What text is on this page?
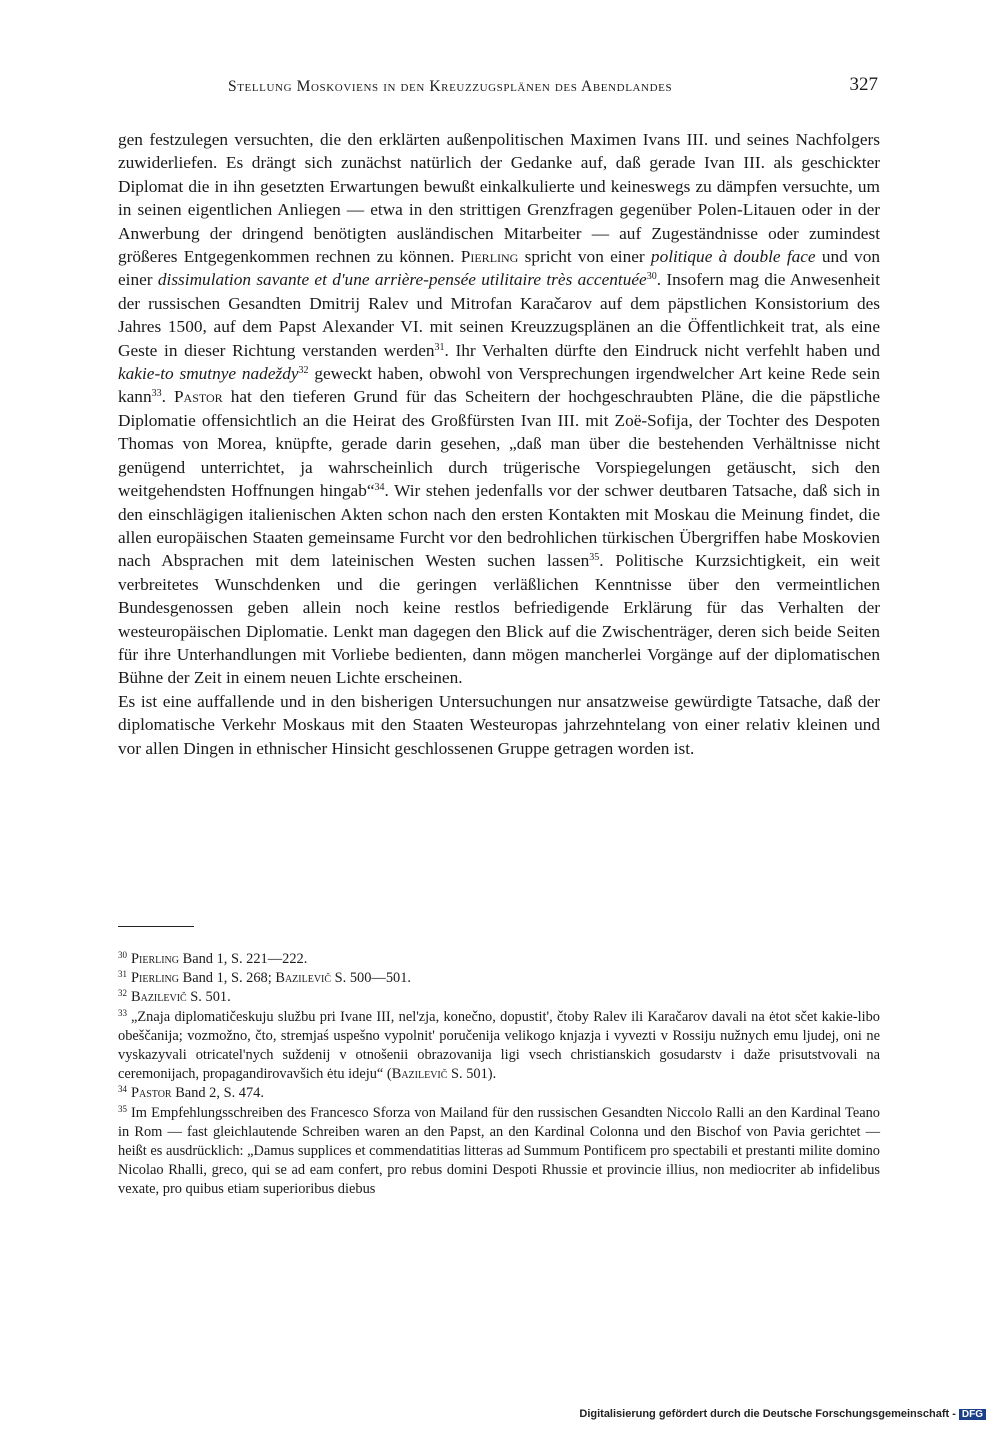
Stellung Moskoviens in den Kreuzzugsplänen des Abendlandes	327

gen festzulegen versuchten, die den erklärten außenpolitischen Maximen Ivans III. und seines Nachfolgers zuwiderliefen. Es drängt sich zunächst natürlich der Gedanke auf, daß gerade Ivan III. als geschickter Diplomat die in ihn gesetzten Erwartungen bewußt einkalkulierte und keineswegs zu dämpfen versuchte, um in seinen eigentlichen Anliegen — etwa in den strittigen Grenzfragen gegenüber Polen-Litauen oder in der Anwerbung der dringend benötigten ausländischen Mitarbeiter — auf Zugeständnisse oder zumindest größeres Entgegenkommen rechnen zu können. Pierling spricht von einer politique à double face und von einer dissimulation savante et d'une arrière-pensée utilitaire très accentuée$^{30}$. Insofern mag die Anwesenheit der russischen Gesandten Dmitrij Ralev und Mitrofan Karačarov auf dem päpstlichen Konsistorium des Jahres 1500, auf dem Papst Alexander VI. mit seinen Kreuzzugsplänen an die Öffentlichkeit trat, als eine Geste in dieser Richtung verstanden werden$^{31}$. Ihr Verhalten dürfte den Eindruck nicht verfehlt haben und kakie-to smutnye nadeždy$^{32}$ geweckt haben, obwohl von Versprechungen irgendwelcher Art keine Rede sein kann$^{33}$. Pastor hat den tieferen Grund für das Scheitern der hochgeschraubten Pläne, die die päpstliche Diplomatie offensichtlich an die Heirat des Großfürsten Ivan III. mit Zoë-Sofija, der Tochter des Despoten Thomas von Morea, knüpfte, gerade darin gesehen, „daß man über die bestehenden Verhältnisse nicht genügend unterrichtet, ja wahrscheinlich durch trügerische Vorspiegelungen getäuscht, sich den weitgehendsten Hoffnungen hingab“$^{34}$. Wir stehen jedenfalls vor der schwer deutbaren Tatsache, daß sich in den einschlägigen italienischen Akten schon nach den ersten Kontakten mit Moskau die Meinung findet, die allen europäischen Staaten gemeinsame Furcht vor den bedrohlichen türkischen Übergriffen habe Moskovien nach Absprachen mit dem lateinischen Westen suchen lassen$^{35}$. Politische Kurzsichtigkeit, ein weit verbreitetes Wunschdenken und die geringen verläßlichen Kenntnisse über den vermeintlichen Bundesgenossen geben allein noch keine restlos befriedigende Erklärung für das Verhalten der westeuropäischen Diplomatie. Lenkt man dagegen den Blick auf die Zwischenträger, deren sich beide Seiten für ihre Unterhandlungen mit Vorliebe bedienten, dann mögen mancherlei Vorgänge auf der diplomatischen Bühne der Zeit in einem neuen Lichte erscheinen.

Es ist eine auffallende und in den bisherigen Untersuchungen nur ansatzweise gewürdigte Tatsache, daß der diplomatische Verkehr Moskaus mit den Staaten Westeuropas jahrzehntelang von einer relativ kleinen und vor allen Dingen in ethnischer Hinsicht geschlossenen Gruppe getragen worden ist.

$^{30}$ Pierling Band 1, S. 221—222.

$^{31}$ Pierling Band 1, S. 268; Bazilevič S. 500—501.

$^{32}$ Bazilevič S. 501.

$^{33}$ „Znaja diplomatičeskuju službu pri Ivane III, nel'zja, konečno, dopustit', čtoby Ralev ili Karačarov davali na ėtot sčet kakie-libo obeščanija; vozmožno, čto, stremjaś uspešno vypolnit' poručenija velikogo knjazja i vyvezti v Rossiju nužnych emu ljudej, oni ne vyskazyvali otricatel'nych suždenij v otnošenii obrazovanija ligi vsech christianskich gosudarstv i daže prisutstvovali na ceremonijach, propagandirovavšich ėtu ideju“ (Bazilevič S. 501).

$^{34}$ Pastor Band 2, S. 474.

$^{35}$ Im Empfehlungsschreiben des Francesco Sforza von Mailand für den russischen Gesandten Niccolo Ralli an den Kardinal Teano in Rom — fast gleichlautende Schreiben waren an den Papst, an den Kardinal Colonna und den Bischof von Pavia gerichtet — heißt es ausdrücklich: „Damus supplices et commendatitias litteras ad Summum Pontificem pro spectabili et prestanti milite domino Nicolao Rhalli, greco, qui se ad eam confert, pro rebus domini Despoti Rhussie et provincie illius, non mediocriter ab infidelibus vexate, pro quibus etiam superioribus diebus

Digitalisierung gefördert durch die Deutsche Forschungsgemeinschaft - DFG
